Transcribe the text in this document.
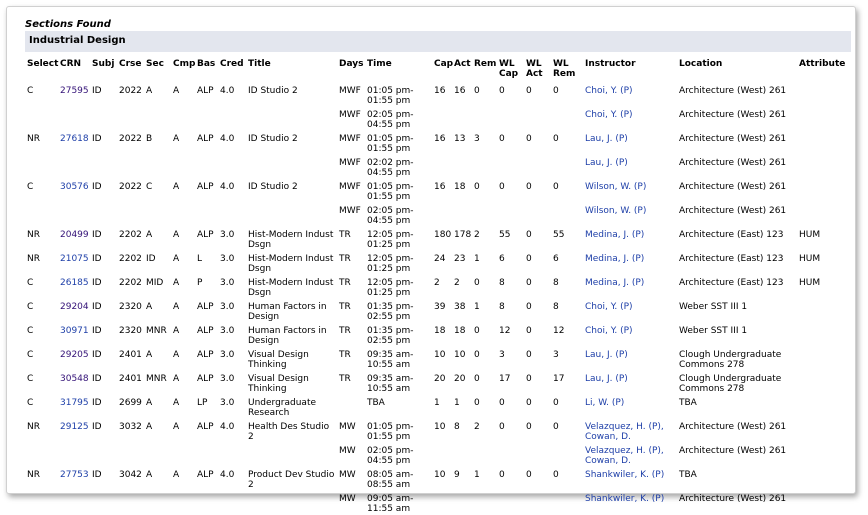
Sections Found
Industrial Design
Select	CRN	Subj	Crse	Sec	Cmp	Bas	Cred	Title	Days	Time	Cap	Act	Rem	WL Cap	WL Act	WL Rem	Instructor	Location	Attribute
C	27595	ID	2022	A	A	ALP	4.0	ID Studio 2	MWF	01:05 pm-01:55 pm	16	16	0	0	0	0	Choi, Y. (P)	Architecture (West) 261	
									MWF	02:05 pm-04:55 pm							Choi, Y. (P)	Architecture (West) 261	
NR	27618	ID	2022	B	A	ALP	4.0	ID Studio 2	MWF	01:05 pm-01:55 pm	16	13	3	0	0	0	Lau, J. (P)	Architecture (West) 261	
									MWF	02:02 pm-04:55 pm							Lau, J. (P)	Architecture (West) 261	
C	30576	ID	2022	C	A	ALP	4.0	ID Studio 2	MWF	01:05 pm-01:55 pm	16	18	0	0	0	0	Wilson, W. (P)	Architecture (West) 261	
									MWF	02:05 pm-04:55 pm							Wilson, W. (P)	Architecture (West) 261	
NR	20499	ID	2202	A	A	ALP	3.0	Hist-Modern Indust Dsgn	TR	12:05 pm-01:25 pm	180	178	2	55	0	55	Medina, J. (P)	Architecture (East) 123	HUM
NR	21075	ID	2202	ID	A	L	3.0	Hist-Modern Indust Dsgn	TR	12:05 pm-01:25 pm	24	23	1	6	0	6	Medina, J. (P)	Architecture (East) 123	HUM
C	26185	ID	2202	MID	A	P	3.0	Hist-Modern Indust Dsgn	TR	12:05 pm-01:25 pm	2	2	0	8	0	8	Medina, J. (P)	Architecture (East) 123	HUM
C	29204	ID	2320	A	A	ALP	3.0	Human Factors in Design	TR	01:35 pm-02:55 pm	39	38	1	8	0	8	Choi, Y. (P)	Weber SST III 1	
C	30971	ID	2320	MNR	A	ALP	3.0	Human Factors in Design	TR	01:35 pm-02:55 pm	18	18	0	12	0	12	Choi, Y. (P)	Weber SST III 1	
C	29205	ID	2401	A	A	ALP	3.0	Visual Design Thinking	TR	09:35 am-10:55 am	10	10	0	3	0	3	Lau, J. (P)	Clough Undergraduate Commons 278	
C	30548	ID	2401	MNR	A	ALP	3.0	Visual Design Thinking	TR	09:35 am-10:55 am	20	20	0	17	0	17	Lau, J. (P)	Clough Undergraduate Commons 278	
C	31795	ID	2699	A	A	LP	3.0	Undergraduate Research		TBA	1	1	0	0	0	0	Li, W. (P)	TBA	
NR	29125	ID	3032	A	A	ALP	4.0	Health Des Studio 2	MW	01:05 pm-01:55 pm	10	8	2	0	0	0	Velazquez, H. (P), Cowan, D.	Architecture (West) 261	
									MW	02:05 pm-04:55 pm							Velazquez, H. (P), Cowan, D.	Architecture (West) 261	
NR	27753	ID	3042	A	A	ALP	4.0	Product Dev Studio 2	MW	08:05 am-08:55 am	10	9	1	0	0	0	Shankwiler, K. (P)	TBA	
									MW	09:05 am-11:55 am							Shankwiler, K. (P)	Architecture (West) 261	
